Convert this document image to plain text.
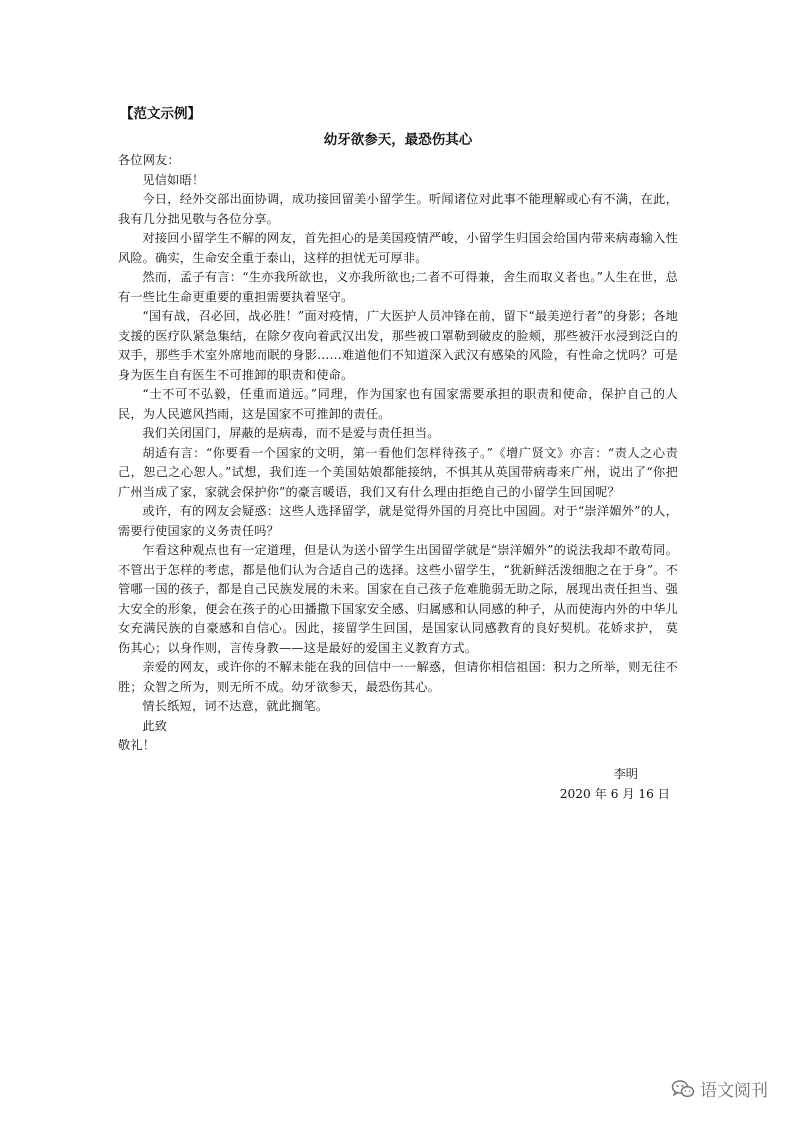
【范文示例】
幼牙欲参天，最恐伤其心

各位网友：

见信如晤！

今日，经外交部出面协调，成功接回留美小留学生。听闻诸位对此事不能理解或心有不满，在此，我有几分拙见敬与各位分享。

对接回小留学生不解的网友，首先担心的是美国疫情严峻，小留学生归国会给国内带来病毒输入性风险。确实，生命安全重于泰山，这样的担忧无可厚非。

然而，孟子有言：“生亦我所欲也，义亦我所欲也;二者不可得兼，舍生而取义者也。”人生在世，总有一些比生命更重要的重担需要执着坚守。

“国有战，召必回，战必胜！”面对疫情，广大医护人员冲锋在前，留下“最美逆行者”的身影；各地支援的医疗队紧急集结，在除夕夜向着武汉出发，那些被口罩勒到破皮的脸颊，那些被汗水浸到泛白的双手，那些手术室外席地而眠的身影……难道他们不知道深入武汉有感染的风险，有性命之忧吗？可是身为医生自有医生不可推卸的职责和使命。

“士不可不弘毅，任重而道远。”同理，作为国家也有国家需要承担的职责和使命，保护自己的人民，为人民遮风挡雨，这是国家不可推卸的责任。

我们关闭国门，屏蔽的是病毒，而不是爱与责任担当。

胡适有言：“你要看一个国家的文明，第一看他们怎样待孩子。”《增广贤文》亦言：“责人之心责己，恕己之心恕人。”试想，我们连一个美国姑娘都能接纳，不惧其从英国带病毒来广州，说出了“你把广州当成了家，家就会保护你”的豪言暖语，我们又有什么理由拒绝自己的小留学生回国呢？

或许，有的网友会疑惑：这些人选择留学，就是觉得外国的月亮比中国圆。对于“崇洋媚外”的人，需要行使国家的义务责任吗？

乍看这种观点也有一定道理，但是认为送小留学生出国留学就是“崇洋媚外”的说法我却不敢苟同。不管出于怎样的考虑，都是他们认为合适自己的选择。这些小留学生，“犹新鲜活泼细胞之在于身”。不管哪一国的孩子，都是自己民族发展的未来。国家在自己孩子危难脆弱无助之际，展现出责任担当、强大安全的形象，便会在孩子的心田播撒下国家安全感、归属感和认同感的种子，从而使海内外的中华儿女充满民族的自豪感和自信心。因此，接留学生回国，是国家认同感教育的良好契机。花娇求护， 莫伤其心；以身作则，言传身教——这是最好的爱国主义教育方式。

亲爱的网友，或许你的不解未能在我的回信中一一解惑，但请你相信祖国：积力之所举，则无往不胜；众智之所为，则无所不成。幼牙欲参天，最恐伤其心。

情长纸短，词不达意，就此搁笔。

此致

敬礼！

李明
2020 年 6 月 16 日
语文阅刊
